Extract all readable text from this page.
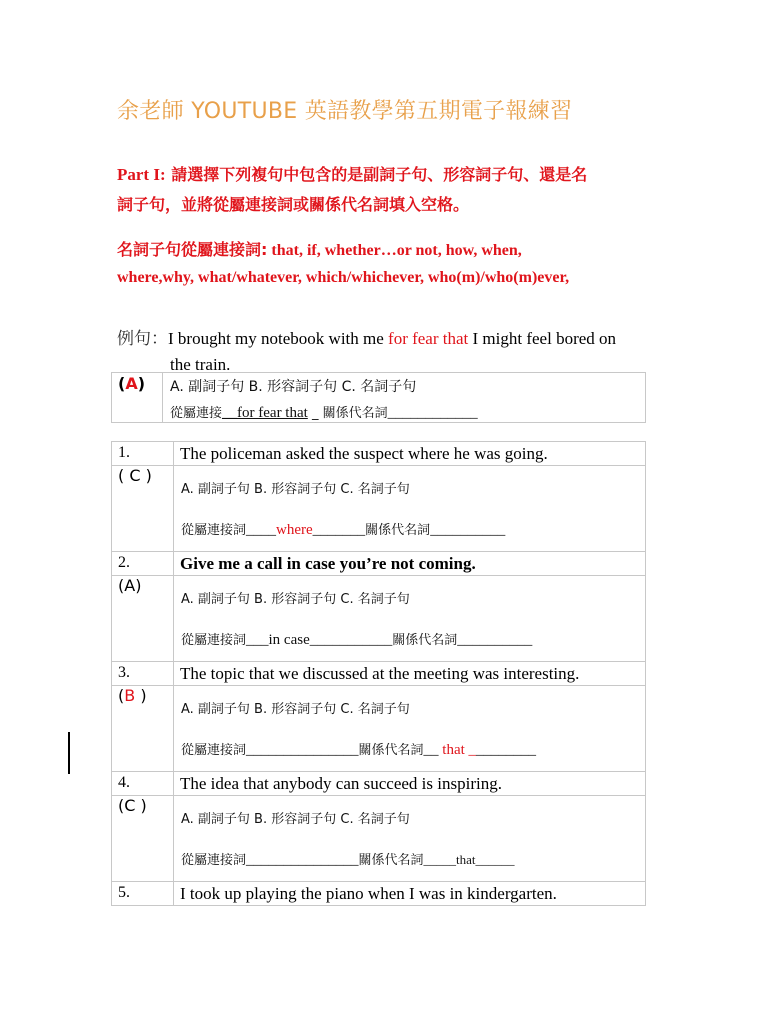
余老師 YOUTUBE 英語教學第五期電子報練習
Part I: 請選擇下列複句中包含的是副詞子句、形容詞子句、還是名
詞子句，並將從屬連接詞或關係代名詞填入空格。
名詞子句從屬連接詞: that, if, whether…or not, how, when,
where,why, what/whatever, which/whichever, who(m)/who(m)ever,
例句：I brought my notebook with me for fear that I might feel bored on
the train.
(A)	A. 副詞子句 B. 形容詞子句 C. 名詞子句
從屬連接__for fear that _ 關係代名詞____________
1.	The policeman asked the suspect where he was going.
( C )	A. 副詞子句 B. 形容詞子句 C. 名詞子句
從屬連接詞____where_______關係代名詞__________

2.	Give me a call in case you’re not coming.
(A)	A. 副詞子句 B. 形容詞子句 C. 名詞子句
從屬連接詞___in case___________關係代名詞__________

3.	The topic that we discussed at the meeting was interesting.
(B )	A. 副詞子句 B. 形容詞子句 C. 名詞子句
從屬連接詞_______________關係代名詞__ that _________

4.	The idea that anybody can succeed is inspiring.
(C )	A. 副詞子句 B. 形容詞子句 C. 名詞子句
從屬連接詞_______________關係代名詞_____that______

5.	I took up playing the piano when I was in kindergarten.
